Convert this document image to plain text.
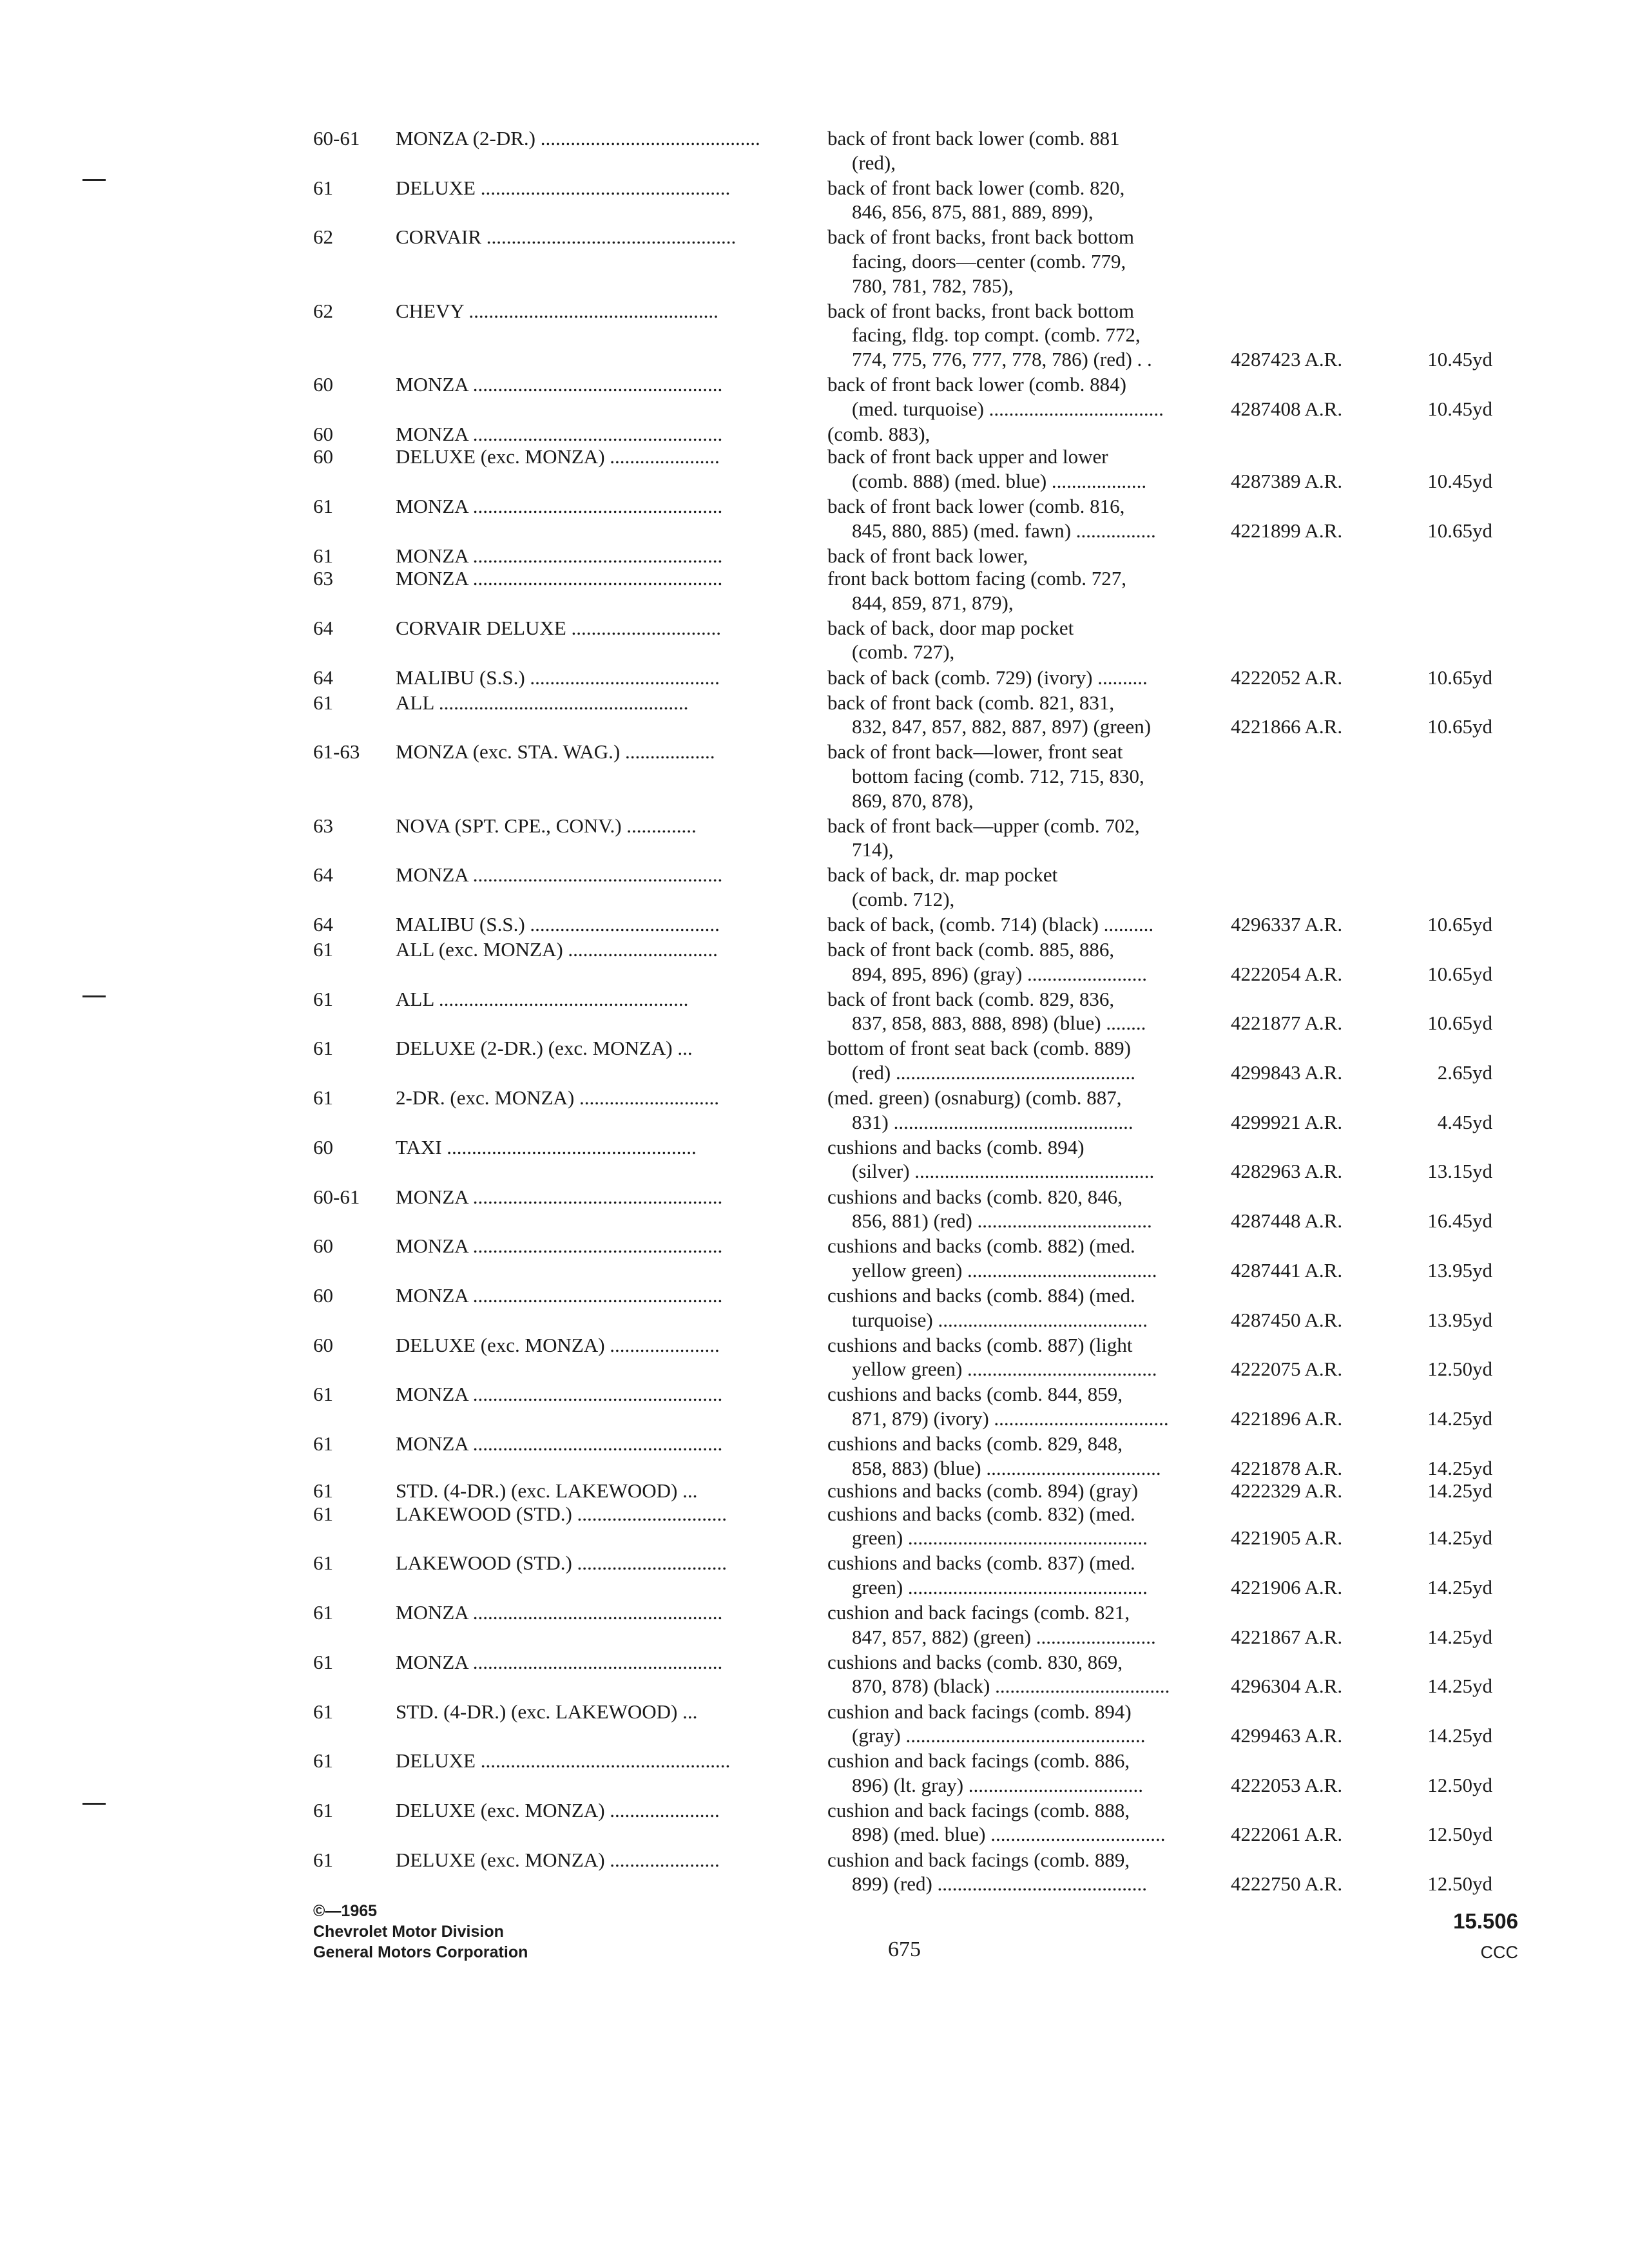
60-61	MONZA (2-DR.) ............................................	back of front back lower (comb. 881
(red),
61	DELUXE ..................................................	back of front back lower (comb. 820,
846, 856, 875, 881, 889, 899),
62	CORVAIR ..................................................	back of front backs, front back bottom
facing, doors—center (comb. 779,
780, 781, 782, 785),
62	CHEVY ..................................................	back of front backs, front back bottom
facing, fldg. top compt. (comb. 772,
774, 775, 776, 777, 778, 786) (red) . .	4287423 A.R.	10.45yd
60	MONZA ..................................................	back of front back lower (comb. 884)
(med. turquoise) ...................................	4287408 A.R.	10.45yd
60	MONZA ..................................................	(comb. 883),
60	DELUXE (exc. MONZA) ......................	back of front back upper and lower
(comb. 888) (med. blue) ...................	4287389 A.R.	10.45yd
61	MONZA ..................................................	back of front back lower (comb. 816,
845, 880, 885) (med. fawn) ................	4221899 A.R.	10.65yd
61	MONZA ..................................................	back of front back lower,
63	MONZA ..................................................	front back bottom facing (comb. 727,
844, 859, 871, 879),
64	CORVAIR DELUXE ..............................	back of back, door map pocket
(comb. 727),
64	MALIBU (S.S.) ......................................	back of back (comb. 729) (ivory) ..........	4222052 A.R.	10.65yd
61	ALL ..................................................	back of front back (comb. 821, 831,
832, 847, 857, 882, 887, 897) (green)	4221866 A.R.	10.65yd
61-63	MONZA (exc. STA. WAG.) ..................	back of front back—lower, front seat
bottom facing (comb. 712, 715, 830,
869, 870, 878),
63	NOVA (SPT. CPE., CONV.) ..............	back of front back—upper (comb. 702,
714),
64	MONZA ..................................................	back of back, dr. map pocket
(comb. 712),
64	MALIBU (S.S.) ......................................	back of back, (comb. 714) (black) ..........	4296337 A.R.	10.65yd
61	ALL (exc. MONZA) ..............................	back of front back (comb. 885, 886,
894, 895, 896) (gray) ........................	4222054 A.R.	10.65yd
61	ALL ..................................................	back of front back (comb. 829, 836,
837, 858, 883, 888, 898) (blue) ........	4221877 A.R.	10.65yd
61	DELUXE (2-DR.) (exc. MONZA) ...	bottom of front seat back (comb. 889)
(red) ................................................	4299843 A.R.	2.65yd
61	2-DR. (exc. MONZA) ............................	(med. green) (osnaburg) (comb. 887,
831) ................................................	4299921 A.R.	4.45yd
60	TAXI ..................................................	cushions and backs (comb. 894)
(silver) ................................................	4282963 A.R.	13.15yd
60-61	MONZA ..................................................	cushions and backs (comb. 820, 846,
856, 881) (red) ...................................	4287448 A.R.	16.45yd
60	MONZA ..................................................	cushions and backs (comb. 882) (med.
yellow green) ......................................	4287441 A.R.	13.95yd
60	MONZA ..................................................	cushions and backs (comb. 884) (med.
turquoise) ..........................................	4287450 A.R.	13.95yd
60	DELUXE (exc. MONZA) ......................	cushions and backs (comb. 887) (light
yellow green) ......................................	4222075 A.R.	12.50yd
61	MONZA ..................................................	cushions and backs (comb. 844, 859,
871, 879) (ivory) ...................................	4221896 A.R.	14.25yd
61	MONZA ..................................................	cushions and backs (comb. 829, 848,
858, 883) (blue) ...................................	4221878 A.R.	14.25yd
61	STD. (4-DR.) (exc. LAKEWOOD) ...	cushions and backs (comb. 894) (gray)	4222329 A.R.	14.25yd
61	LAKEWOOD (STD.) ..............................	cushions and backs (comb. 832) (med.
green) ................................................	4221905 A.R.	14.25yd
61	LAKEWOOD (STD.) ..............................	cushions and backs (comb. 837) (med.
green) ................................................	4221906 A.R.	14.25yd
61	MONZA ..................................................	cushion and back facings (comb. 821,
847, 857, 882) (green) ........................	4221867 A.R.	14.25yd
61	MONZA ..................................................	cushions and backs (comb. 830, 869,
870, 878) (black) ...................................	4296304 A.R.	14.25yd
61	STD. (4-DR.) (exc. LAKEWOOD) ...	cushion and back facings (comb. 894)
(gray) ................................................	4299463 A.R.	14.25yd
61	DELUXE ..................................................	cushion and back facings (comb. 886,
896) (lt. gray) ...................................	4222053 A.R.	12.50yd
61	DELUXE (exc. MONZA) ......................	cushion and back facings (comb. 888,
898) (med. blue) ...................................	4222061 A.R.	12.50yd
61	DELUXE (exc. MONZA) ......................	cushion and back facings (comb. 889,
899) (red) ..........................................	4222750 A.R.	12.50yd
©—1965
Chevrolet Motor Division
General Motors Corporation	675
15.506
CCC
